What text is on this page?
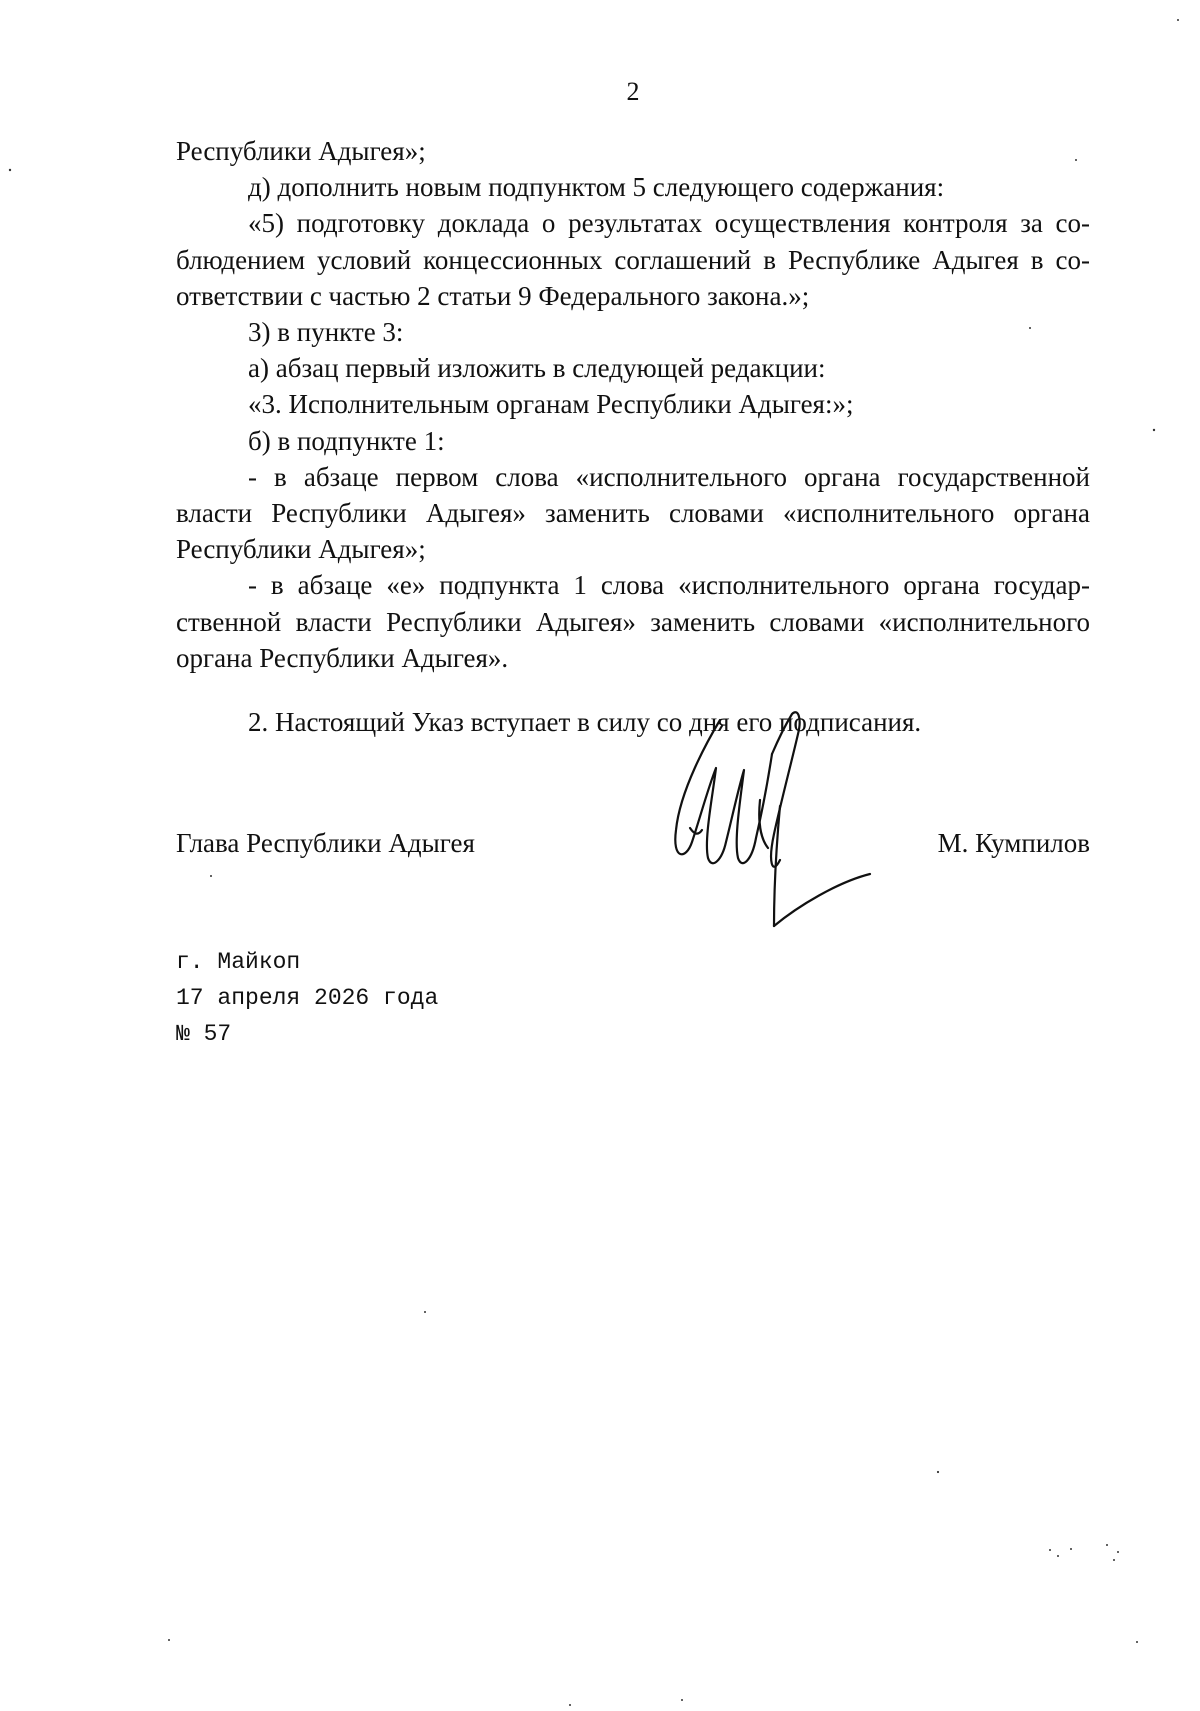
2
Республики Адыгея»;
д) дополнить новым подпунктом 5 следующего содержания:
«5) подготовку доклада о результатах осуществления контроля за со-
блюдением условий концессионных соглашений в Республике Адыгея в со-
ответствии с частью 2 статьи 9 Федерального закона.»;
3) в пункте 3:
а) абзац первый изложить в следующей редакции:
«3. Исполнительным органам Республики Адыгея:»;
б) в подпункте 1:
- в абзаце первом слова «исполнительного органа государственной
власти Республики Адыгея» заменить словами «исполнительного органа
Республики Адыгея»;
- в абзаце «е» подпункта 1 слова «исполнительного органа государ-
ственной власти Республики Адыгея» заменить словами «исполнительного
органа Республики Адыгея».
2. Настоящий Указ вступает в силу со дня его подписания.
Глава Республики Адыгея	М. Кумпилов
г. Майкоп
17 апреля 2026 года
№ 57
